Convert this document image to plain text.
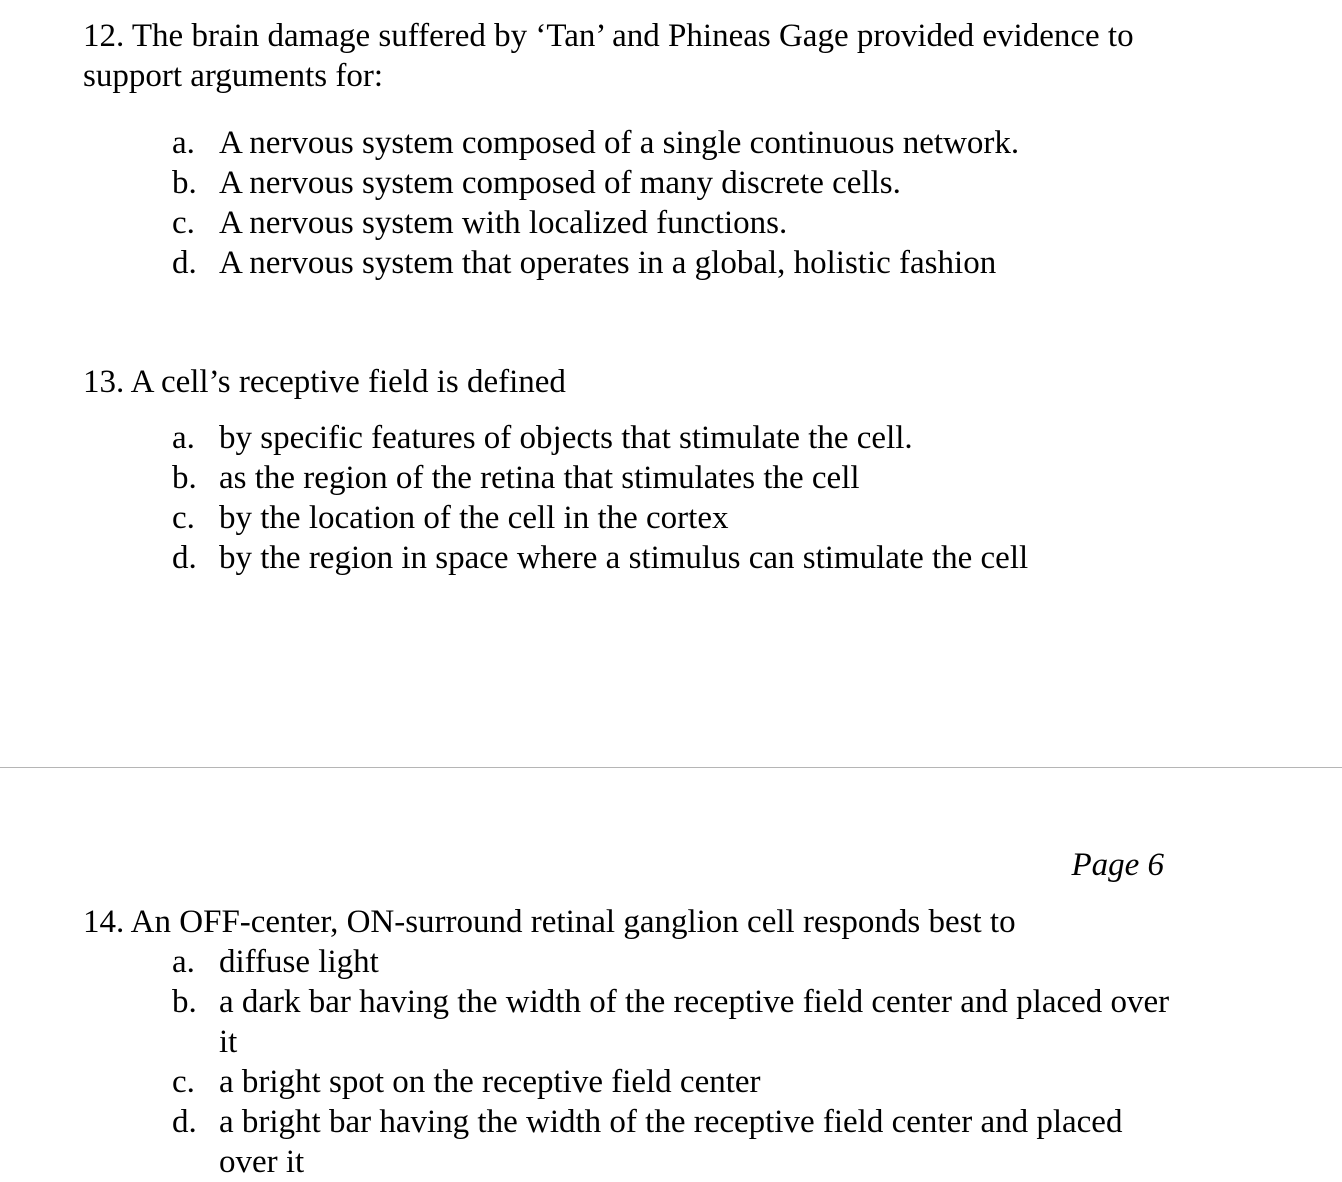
12. The brain damage suffered by ‘Tan’ and Phineas Gage provided evidence to support arguments for:

a. A nervous system composed of a single continuous network.
b. A nervous system composed of many discrete cells.
c. A nervous system with localized functions.
d. A nervous system that operates in a global, holistic fashion

13. A cell’s receptive field is defined

a. by specific features of objects that stimulate the cell.
b. as the region of the retina that stimulates the cell
c. by the location of the cell in the cortex
d. by the region in space where a stimulus can stimulate the cell
Page 6

14. An OFF-center, ON-surround retinal ganglion cell responds best to

a. diffuse light
b. a dark bar having the width of the receptive field center and placed over it
c. a bright spot on the receptive field center
d. a bright bar having the width of the receptive field center and placed over it
